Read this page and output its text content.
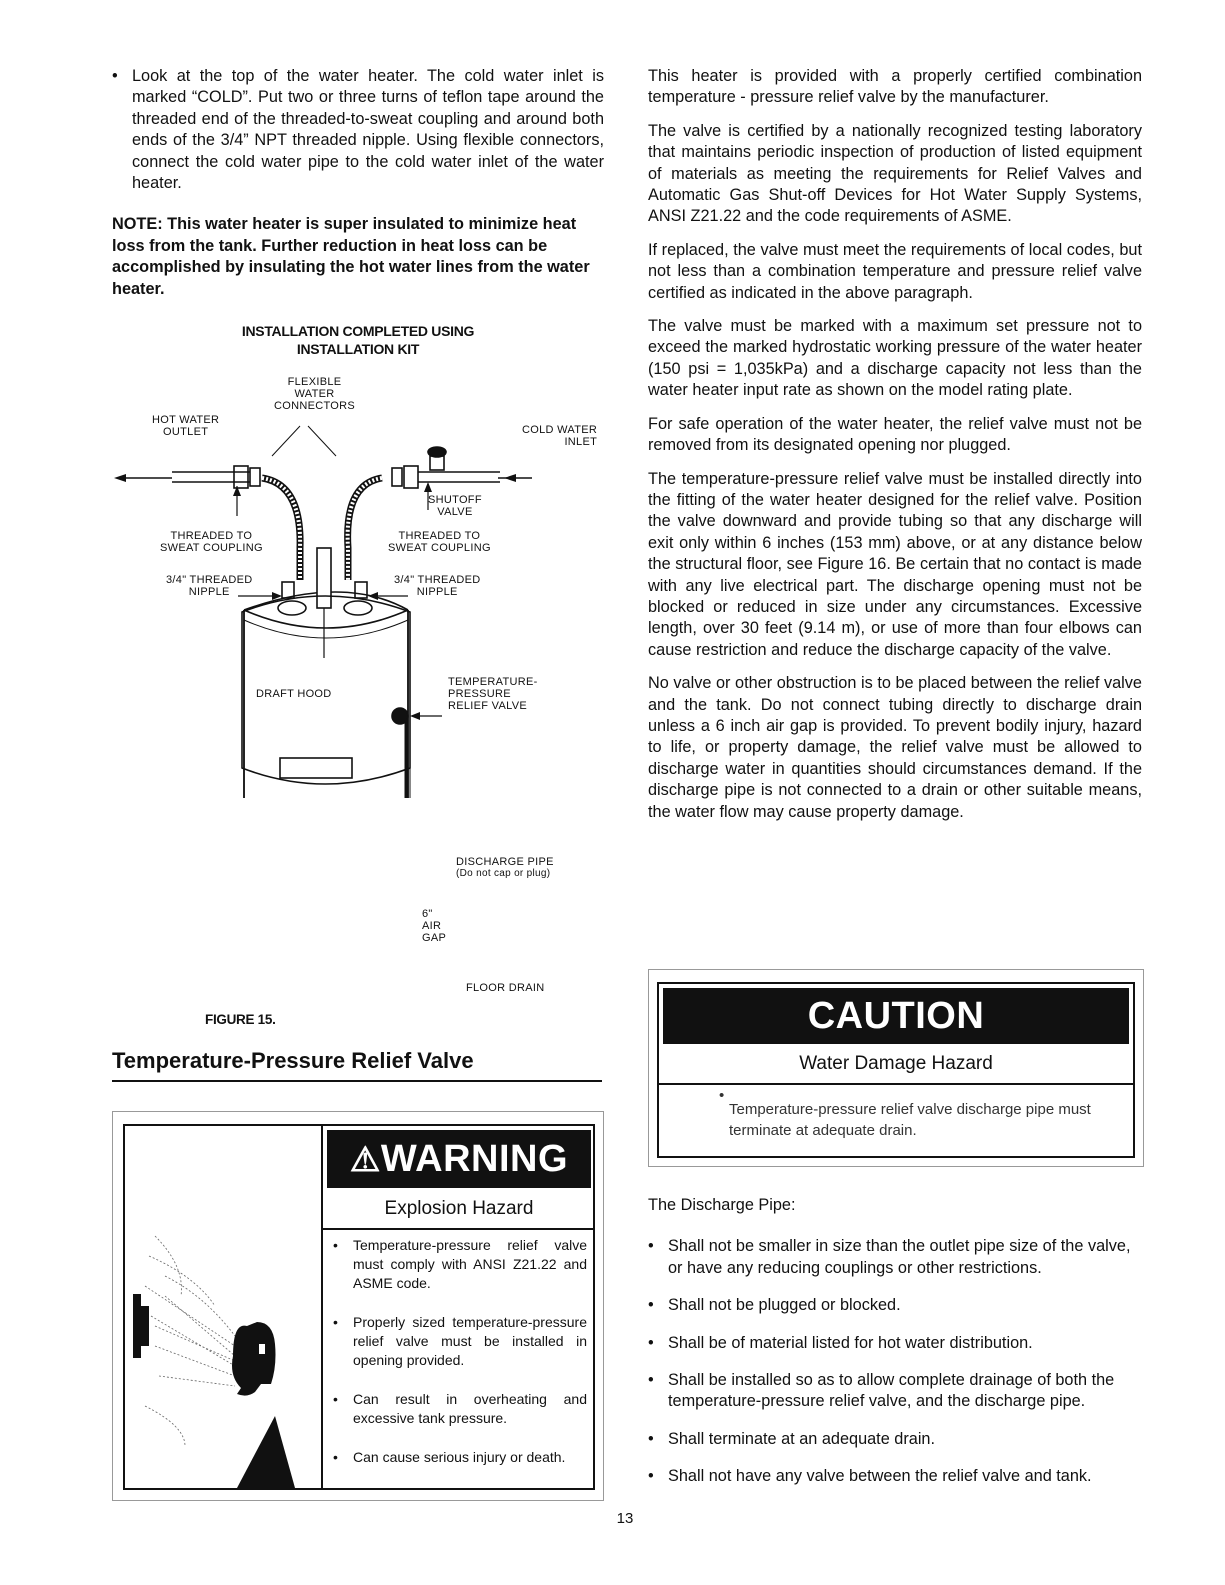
• Look at the top of the water heater. The cold water inlet is marked “COLD”. Put two or three turns of teflon tape around the threaded end of the threaded-to-sweat coupling and around both ends of the 3/4” NPT threaded nipple. Using flexible connectors, connect the cold water pipe to the cold water inlet of the water heater.

NOTE: This water heater is super insulated to minimize heat loss from the tank. Further reduction in heat loss can be accomplished by insulating the hot water lines from the water heater.

INSTALLATION COMPLETED USING
INSTALLATION KIT
FLEXIBLE
WATER
CONNECTORS
HOT WATER
OUTLET	COLD WATER
INLET
SHUTOFF
VALVE
THREADED TO
SWEAT COUPLING
THREADED TO
SWEAT COUPLING
3/4" THREADED
NIPPLE
3/4" THREADED
NIPPLE
DRAFT HOOD
TEMPERATURE-
PRESSURE
RELIEF VALVE
DISCHARGE PIPE
(Do not cap or plug)
6"
AIR
GAP
FLOOR DRAIN
FIGURE 15.
Temperature-Pressure Relief Valve
⚠WARNING
Explosion Hazard

• Temperature-pressure relief valve must comply with ANSI Z21.22 and ASME code.

• Properly sized temperature-pressure relief valve must be installed in opening provided.

• Can result in overheating and excessive tank pressure.

• Can cause serious injury or death.

This heater is provided with a properly certified combination temperature - pressure relief valve by the manufacturer.

The valve is certified by a nationally recognized testing laboratory that maintains periodic inspection of production of listed equipment of materials as meeting the requirements for Relief Valves and Automatic Gas Shut-off Devices for Hot Water Supply Systems, ANSI Z21.22 and the code requirements of ASME.

If replaced, the valve must meet the requirements of local codes, but not less than a combination temperature and pressure relief valve certified as indicated in the above paragraph.

The valve must be marked with a maximum set pressure not to exceed the marked hydrostatic working pressure of the water heater (150 psi = 1,035kPa) and a discharge capacity not less than the water heater input rate as shown on the model rating plate.

For safe operation of the water heater, the relief valve must not be removed from its designated opening nor plugged.

The temperature-pressure relief valve must be installed directly into the fitting of the water heater designed for the relief valve. Position the valve downward and provide tubing so that any discharge will exit only within 6 inches (153 mm) above, or at any distance below the structural floor, see Figure 16. Be certain that no contact is made with any live electrical part. The discharge opening must not be blocked or reduced in size under any circumstances. Excessive length, over 30 feet (9.14 m), or use of more than four elbows can cause restriction and reduce the discharge capacity of the valve.

No valve or other obstruction is to be placed between the relief valve and the tank. Do not connect tubing directly to discharge drain unless a 6 inch air gap is provided. To prevent bodily injury, hazard to life, or property damage, the relief valve must be allowed to discharge water in quantities should circumstances demand. If the discharge pipe is not connected to a drain or other suitable means, the water flow may cause property damage.

CAUTION
Water Damage Hazard

• Temperature-pressure relief valve discharge pipe must terminate at adequate drain.

The Discharge Pipe:

• Shall not be smaller in size than the outlet pipe size of the valve, or have any reducing couplings or other restrictions.

• Shall not be plugged or blocked.

• Shall be of material listed for hot water distribution.

• Shall be installed so as to allow complete drainage of both the temperature-pressure relief valve, and the discharge pipe.

• Shall terminate at an adequate drain.

• Shall not have any valve between the relief valve and tank.

13
